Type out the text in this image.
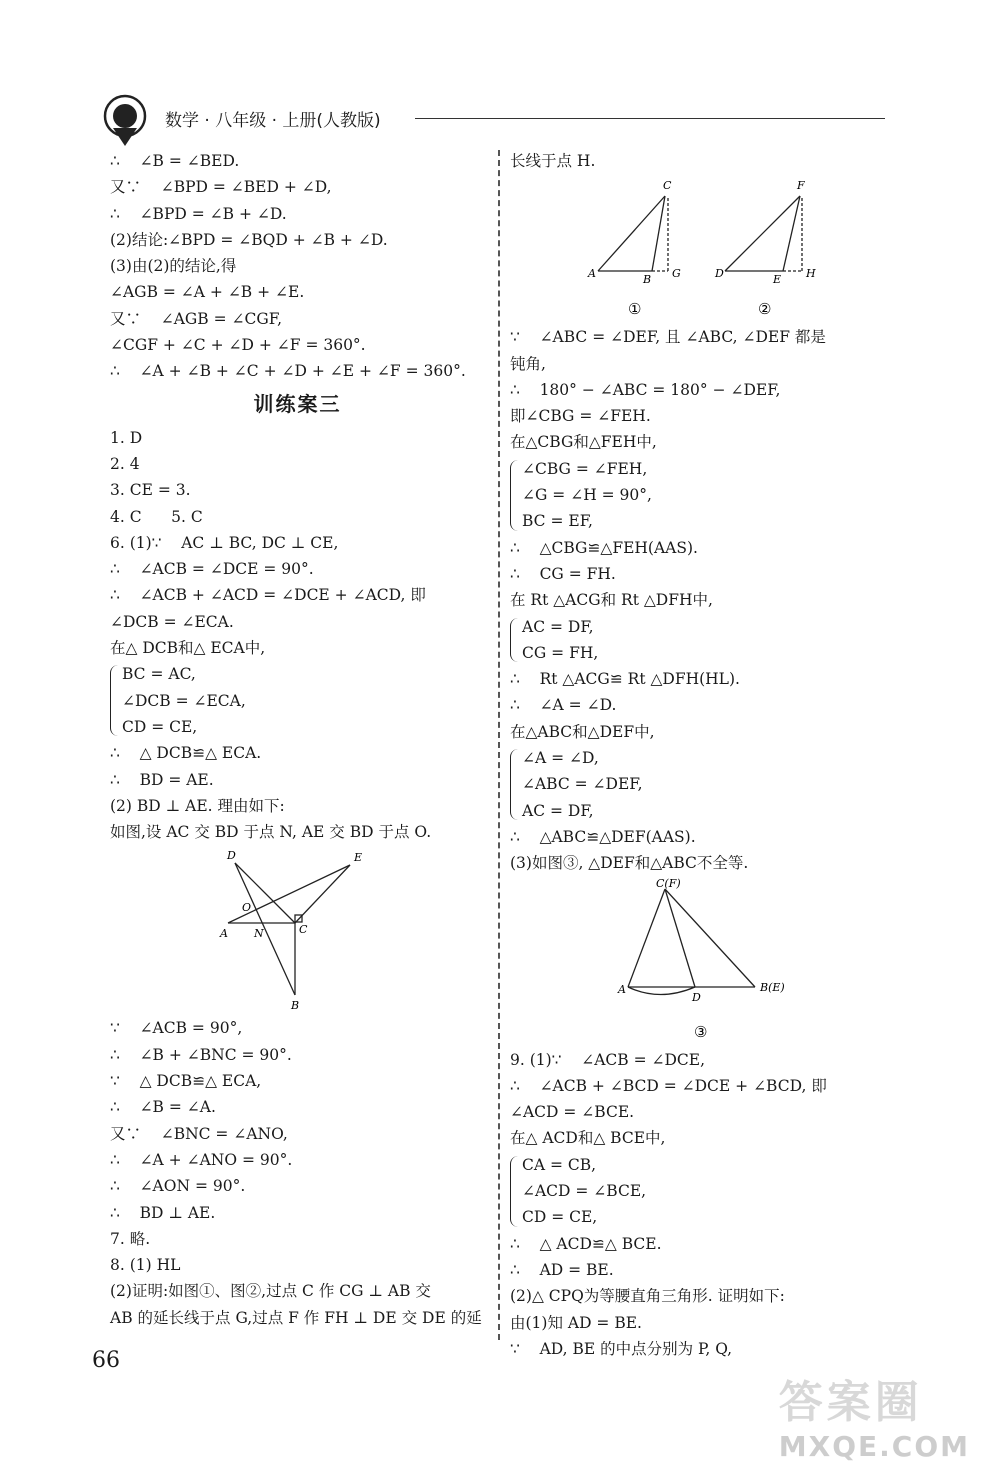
数学 · 八年级 · 上册(人教版)
∴    ∠B = ∠BED.
又∵    ∠BPD = ∠BED + ∠D,
∴    ∠BPD = ∠B + ∠D.
(2)结论:∠BPD = ∠BQD + ∠B + ∠D.
(3)由(2)的结论,得
∠AGB = ∠A + ∠B + ∠E.
又∵    ∠AGB = ∠CGF,
∠CGF + ∠C + ∠D + ∠F = 360°.
∴    ∠A + ∠B + ∠C + ∠D + ∠E + ∠F = 360°.
训练案三
1. D
2. 4
3. CE = 3.
4. C      5. C
6. (1)∵    AC ⊥ BC, DC ⊥ CE,
∴    ∠ACB = ∠DCE = 90°.
∴    ∠ACB + ∠ACD = ∠DCE + ∠ACD, 即
∠DCB = ∠ECA.
在△ DCB和△ ECA中,
BC = AC,
∠DCB = ∠ECA,
CD = CE,
∴    △ DCB≌△ ECA.
∴    BD = AE.
(2) BD ⊥ AE. 理由如下:
如图,设 AC 交 BD 于点 N, AE 交 BD 于点 O.
D	E
O
A N	C
B
∵    ∠ACB = 90°,
∴    ∠B + ∠BNC = 90°.
∵    △ DCB≌△ ECA,
∴    ∠B = ∠A.
又∵    ∠BNC = ∠ANO,
∴    ∠A + ∠ANO = 90°.
∴    ∠AON = 90°.
∴    BD ⊥ AE.
7. 略.
8. (1) HL
(2)证明:如图①、图②,过点 C 作 CG ⊥ AB 交
AB 的延长线于点 G,过点 F 作 FH ⊥ DE 交 DE 的延
长线于点 H.
C
A	B G
F
D	E H
①	②
∵    ∠ABC = ∠DEF, 且 ∠ABC, ∠DEF 都是
钝角,
∴    180° − ∠ABC = 180° − ∠DEF,
即∠CBG = ∠FEH.
在△CBG和△FEH中,
∠CBG = ∠FEH,
∠G = ∠H = 90°,
BC = EF,
∴    △CBG≌△FEH(AAS).
∴    CG = FH.
在 Rt △ACG和 Rt △DFH中,
AC = DF,
CG = FH,
∴    Rt △ACG≌ Rt △DFH(HL).
∴    ∠A = ∠D.
在△ABC和△DEF中,
∠A = ∠D,
∠ABC = ∠DEF,
AC = DF,
∴    △ABC≌△DEF(AAS).
(3)如图③, △DEF和△ABC不全等.
C(F)
A
D
B(E)
③
9. (1)∵    ∠ACB = ∠DCE,
∴    ∠ACB + ∠BCD = ∠DCE + ∠BCD, 即
∠ACD = ∠BCE.
在△ ACD和△ BCE中,
CA = CB,
∠ACD = ∠BCE,
CD = CE,
∴    △ ACD≌△ BCE.
∴    AD = BE.
(2)△ CPQ为等腰直角三角形. 证明如下:
由(1)知 AD = BE.
∵    AD, BE 的中点分别为 P, Q,
66
答案圈
MXQE.COM
